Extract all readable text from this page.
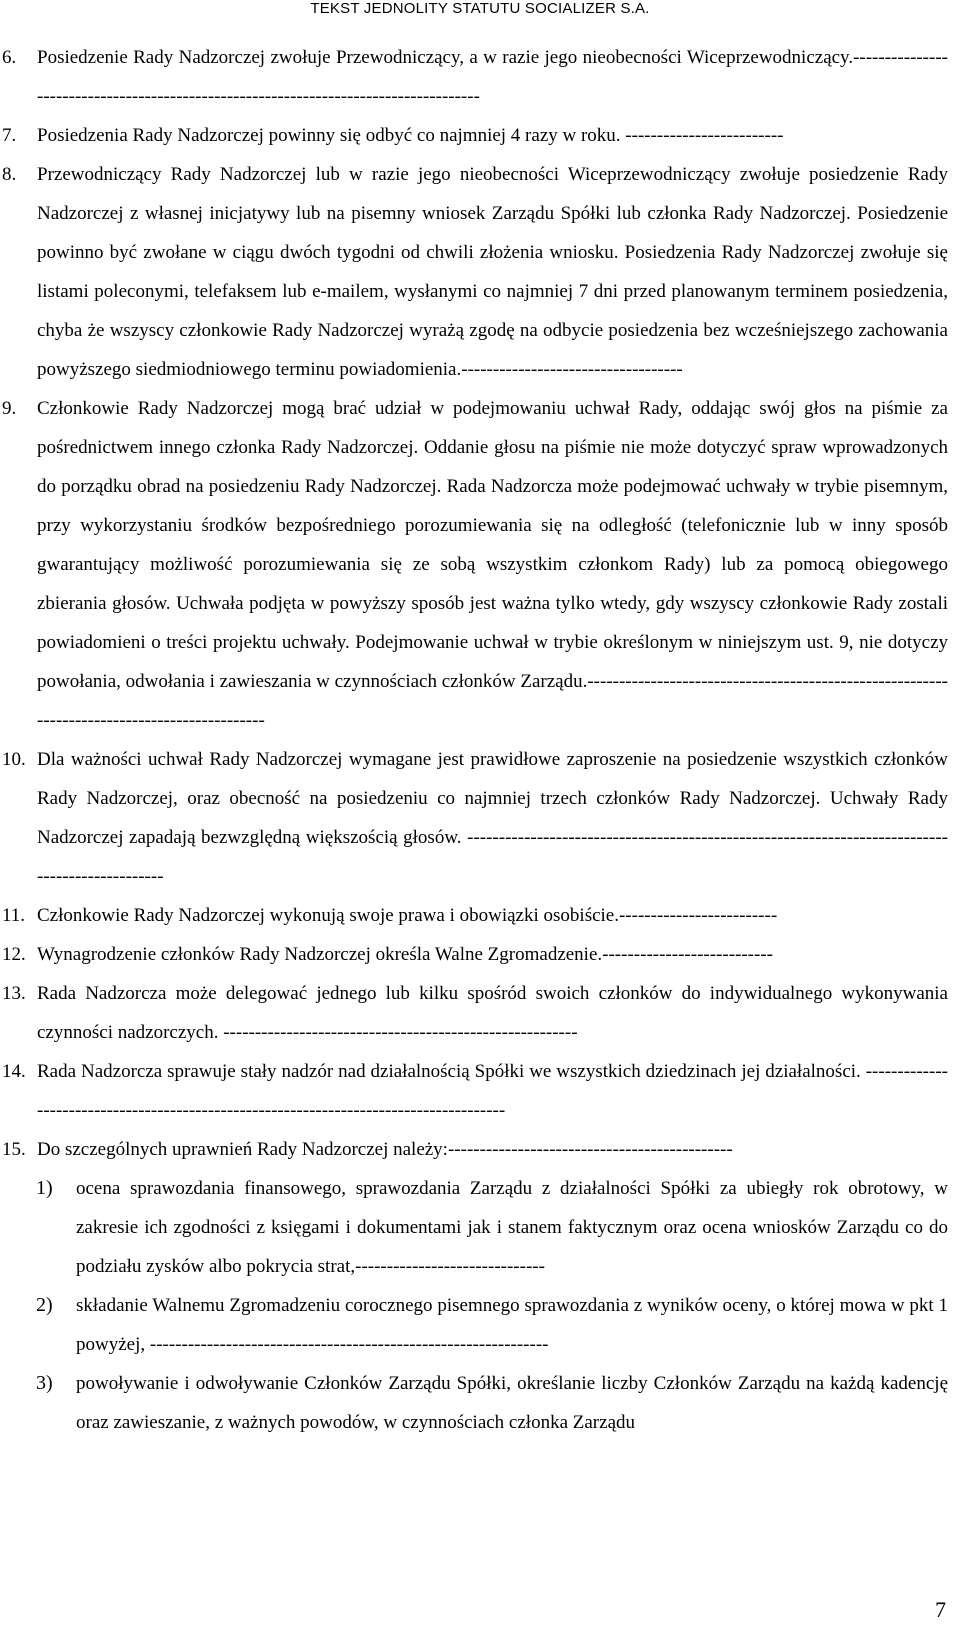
TEKST JEDNOLITY STATUTU SOCIALIZER S.A.
6. Posiedzenie Rady Nadzorczej zwołuje Przewodniczący, a w razie jego nieobecności Wiceprzewodniczący.-------------------------------------------------------------------------------------
7. Posiedzenia Rady Nadzorczej powinny się odbyć co najmniej 4 razy w roku. -------------------------
8. Przewodniczący Rady Nadzorczej lub w razie jego nieobecności Wiceprzewodniczący zwołuje posiedzenie Rady Nadzorczej z własnej inicjatywy lub na pisemny wniosek Zarządu Spółki lub członka Rady Nadzorczej. Posiedzenie powinno być zwołane w ciągu dwóch tygodni od chwili złożenia wniosku. Posiedzenia Rady Nadzorczej zwołuje się listami poleconymi, telefaksem lub e-mailem, wysłanymi co najmniej 7 dni przed planowanym terminem posiedzenia, chyba że wszyscy członkowie Rady Nadzorczej wyrażą zgodę na odbycie posiedzenia bez wcześniejszego zachowania powyższego siedmiodniowego terminu powiadomienia.-----------------------------------
9. Członkowie Rady Nadzorczej mogą brać udział w podejmowaniu uchwał Rady, oddając swój głos na piśmie za pośrednictwem innego członka Rady Nadzorczej. Oddanie głosu na piśmie nie może dotyczyć spraw wprowadzonych do porządku obrad na posiedzeniu Rady Nadzorczej. Rada Nadzorcza może podejmować uchwały w trybie pisemnym, przy wykorzystaniu środków bezpośredniego porozumiewania się na odległość (telefonicznie lub w inny sposób gwarantujący możliwość porozumiewania się ze sobą wszystkim członkom Rady) lub za pomocą obiegowego zbierania głosów. Uchwała podjęta w powyższy sposób jest ważna tylko wtedy, gdy wszyscy członkowie Rady zostali powiadomieni o treści projektu uchwały. Podejmowanie uchwał w trybie określonym w niniejszym ust. 9, nie dotyczy powołania, odwołania i zawieszania w czynnościach członków Zarządu.---------------------------------------------------------------------------------------------
10. Dla ważności uchwał Rady Nadzorczej wymagane jest prawidłowe zaproszenie na posiedzenie wszystkich członków Rady Nadzorczej, oraz obecność na posiedzeniu co najmniej trzech członków Rady Nadzorczej. Uchwały Rady Nadzorczej zapadają bezwzględną większością głosów. ------------------------------------------------------------------------------------------------
11. Członkowie Rady Nadzorczej wykonują swoje prawa i obowiązki osobiście.-------------------------
12. Wynagrodzenie członków Rady Nadzorczej określa Walne Zgromadzenie.---------------------------
13. Rada Nadzorcza może delegować jednego lub kilku spośród swoich członków do indywidualnego wykonywania czynności nadzorczych. --------------------------------------------------------
14. Rada Nadzorcza sprawuje stały nadzór nad działalnością Spółki we wszystkich dziedzinach jej działalności. ---------------------------------------------------------------------------------------
15. Do szczególnych uprawnień Rady Nadzorczej należy:---------------------------------------------
1) ocena sprawozdania finansowego, sprawozdania Zarządu z działalności Spółki za ubiegły rok obrotowy, w zakresie ich zgodności z księgami i dokumentami jak i stanem faktycznym oraz ocena wniosków Zarządu co do podziału zysków albo pokrycia strat,------------------------------
2) składanie Walnemu Zgromadzeniu corocznego pisemnego sprawozdania z wyników oceny, o której mowa w pkt 1 powyżej, ---------------------------------------------------------------
3) powoływanie i odwoływanie Członków Zarządu Spółki, określanie liczby Członków Zarządu na każdą kadencję oraz zawieszanie, z ważnych powodów, w czynnościach członka Zarządu
7
